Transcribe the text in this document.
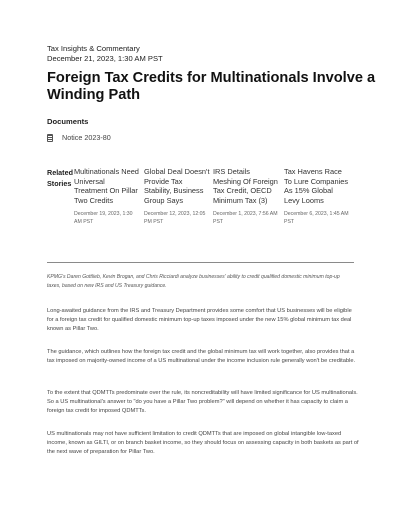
Tax Insights & Commentary
December 21, 2023, 1:30 AM PST
Foreign Tax Credits for Multinationals Involve a Winding Path
Documents
Notice 2023-80
Related
Stories
Multinationals Need Universal Treatment On Pillar Two Credits
December 19, 2023, 1:30 AM PST
Global Deal Doesn't Provide Tax Stability, Business Group Says
December 12, 2023, 12:05 PM PST
IRS Details Meshing Of Foreign Tax Credit, OECD Minimum Tax (3)
December 1, 2023, 7:56 AM PST
Tax Havens Race To Lure Companies As 15% Global Levy Looms
December 6, 2023, 1:45 AM PST

KPMG's Daren Gottlieb, Kevin Brogan, and Chris Ricciardi analyze businesses' ability to credit qualified domestic minimum top-up taxes, based on new IRS and US Treasury guidance.

Long-awaited guidance from the IRS and Treasury Department provides some comfort that US businesses will be eligible for a foreign tax credit for qualified domestic minimum top-up taxes imposed under the new 15% global minimum tax deal known as Pillar Two.

The guidance, which outlines how the foreign tax credit and the global minimum tax will work together, also provides that a tax imposed on majority-owned income of a US multinational under the income inclusion rule generally won't be creditable.

To the extent that QDMTTs predominate over the rule, its noncreditability will have limited significance for US multinationals. So a US multinational's answer to "do you have a Pillar Two problem?" will depend on whether it has capacity to claim a foreign tax credit for imposed QDMTTs.

US multinationals may not have sufficient limitation to credit QDMTTs that are imposed on global intangible low-taxed income, known as GILTI, or on branch basket income, so they should focus on assessing capacity in both baskets as part of the next wave of preparation for Pillar Two.
